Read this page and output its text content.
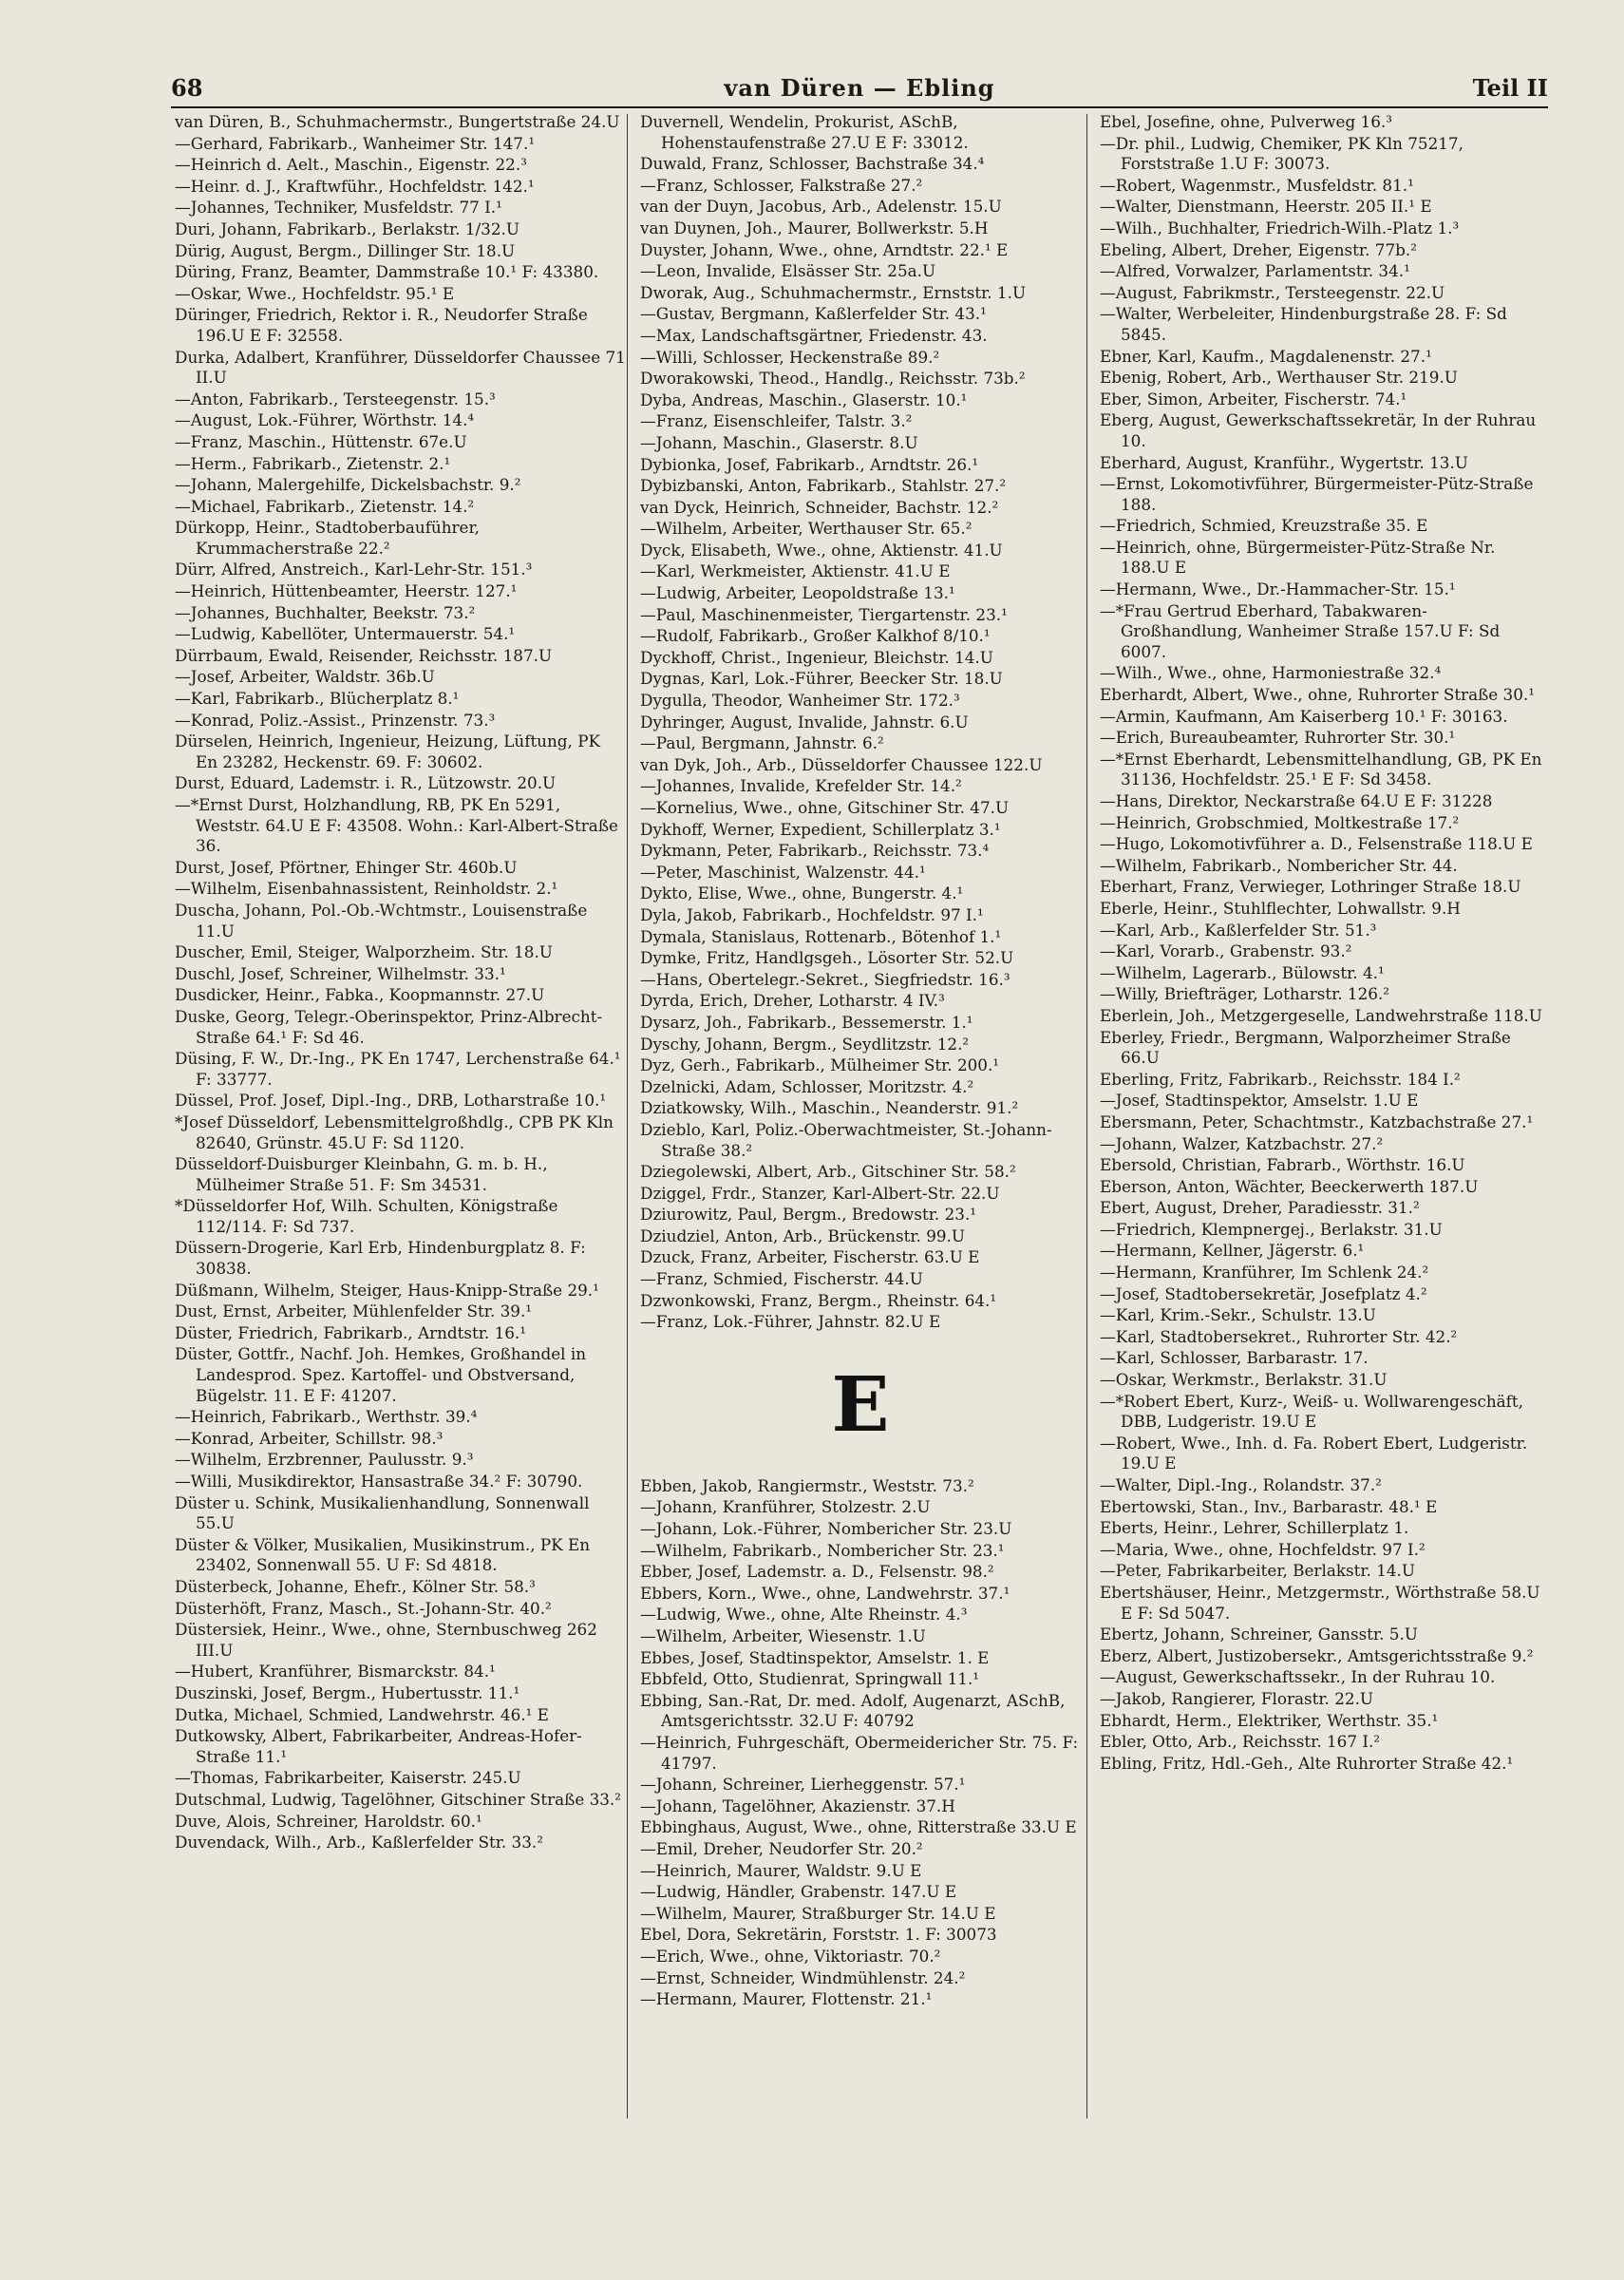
68	van Düren — Ebling	Teil II
van Düren, B., Schuhmachermstr., Bungertstraße 24.U
—Gerhard, Fabrikarb., Wanheimer Str. 147.¹
—Heinrich d. Aelt., Maschin., Eigenstr. 22.³
—Heinr. d. J., Kraftwführ., Hochfeldstr. 142.¹
—Johannes, Techniker, Musfeldstr. 77 I.¹
Duri, Johann, Fabrikarb., Berlakstr. 1/32.U
Dürig, August, Bergm., Dillinger Str. 18.U
Düring, Franz, Beamter, Dammstraße 10.¹ F: 43380.
—Oskar, Wwe., Hochfeldstr. 95.¹ E
Düringer, Friedrich, Rektor i. R., Neudorfer Straße 196.U E F: 32558.
Durka, Adalbert, Kranführer, Düsseldorfer Chaussee 71 II.U
—Anton, Fabrikarb., Tersteegenstr. 15.³
—August, Lok.-Führer, Wörthstr. 14.⁴
—Franz, Maschin., Hüttenstr. 67e.U
—Herm., Fabrikarb., Zietenstr. 2.¹
—Johann, Malergehilfe, Dickelsbachstr. 9.²
—Michael, Fabrikarb., Zietenstr. 14.²
Dürkopp, Heinr., Stadtoberbauführer, Krummacherstraße 22.²
Dürr, Alfred, Anstreich., Karl-Lehr-Str. 151.³
—Heinrich, Hüttenbeamter, Heerstr. 127.¹
—Johannes, Buchhalter, Beekstr. 73.²
—Ludwig, Kabellöter, Untermauerstr. 54.¹
Dürrbaum, Ewald, Reisender, Reichsstr. 187.U
—Josef, Arbeiter, Waldstr. 36b.U
—Karl, Fabrikarb., Blücherplatz 8.¹
—Konrad, Poliz.-Assist., Prinzenstr. 73.³
Dürselen, Heinrich, Ingenieur, Heizung, Lüftung, PK En 23282, Heckenstr. 69. F: 30602.
Durst, Eduard, Lademstr. i. R., Lützowstr. 20.U
—*Ernst Durst, Holzhandlung, RB, PK En 5291, Weststr. 64.U E F: 43508. Wohn.: Karl-Albert-Straße 36.
Durst, Josef, Pförtner, Ehinger Str. 460b.U
—Wilhelm, Eisenbahnassistent, Reinholdstr. 2.¹
Duscha, Johann, Pol.-Ob.-Wchtmstr., Louisenstraße 11.U
Duscher, Emil, Steiger, Walporzheim. Str. 18.U
Duschl, Josef, Schreiner, Wilhelmstr. 33.¹
Dusdicker, Heinr., Fabka., Koopmannstr. 27.U
Duske, Georg, Telegr.-Oberinspektor, Prinz-Albrecht-Straße 64.¹ F: Sd 46.
Düsing, F. W., Dr.-Ing., PK En 1747, Lerchenstraße 64.¹ F: 33777.
Düssel, Prof. Josef, Dipl.-Ing., DRB, Lotharstraße 10.¹
*Josef Düsseldorf, Lebensmittelgroßhdlg., CPB PK Kln 82640, Grünstr. 45.U F: Sd 1120.
Düsseldorf-Duisburger Kleinbahn, G. m. b. H., Mülheimer Straße 51. F: Sm 34531.
*Düsseldorfer Hof, Wilh. Schulten, Königstraße 112/114. F: Sd 737.
Düssern-Drogerie, Karl Erb, Hindenburgplatz 8. F: 30838.
Düßmann, Wilhelm, Steiger, Haus-Knipp-Straße 29.¹
Dust, Ernst, Arbeiter, Mühlenfelder Str. 39.¹
Düster, Friedrich, Fabrikarb., Arndtstr. 16.¹
Düster, Gottfr., Nachf. Joh. Hemkes, Großhandel in Landesprod. Spez. Kartoffel- und Obstversand, Bügelstr. 11. E F: 41207.
—Heinrich, Fabrikarb., Werthstr. 39.⁴
—Konrad, Arbeiter, Schillstr. 98.³
—Wilhelm, Erzbrenner, Paulusstr. 9.³
—Willi, Musikdirektor, Hansastraße 34.² F: 30790.
Düster u. Schink, Musikalienhandlung, Sonnenwall 55.U
Düster & Völker, Musikalien, Musikinstrum., PK En 23402, Sonnenwall 55. U F: Sd 4818.
Düsterbeck, Johanne, Ehefr., Kölner Str. 58.³
Düsterhöft, Franz, Masch., St.-Johann-Str. 40.²
Düstersiek, Heinr., Wwe., ohne, Sternbuschweg 262 III.U
—Hubert, Kranführer, Bismarckstr. 84.¹
Duszinski, Josef, Bergm., Hubertusstr. 11.¹
Dutka, Michael, Schmied, Landwehrstr. 46.¹ E
Dutkowsky, Albert, Fabrikarbeiter, Andreas-Hofer-Straße 11.¹
—Thomas, Fabrikarbeiter, Kaiserstr. 245.U
Dutschmal, Ludwig, Tagelöhner, Gitschiner Straße 33.²
Duve, Alois, Schreiner, Haroldstr. 60.¹
Duvendack, Wilh., Arb., Kaßlerfelder Str. 33.²
Duvernell, Wendelin, Prokurist, ASchB, Hohenstaufenstraße 27.U E F: 33012.
Duwald, Franz, Schlosser, Bachstraße 34.⁴
—Franz, Schlosser, Falkstraße 27.²
van der Duyn, Jacobus, Arb., Adelenstr. 15.U
van Duynen, Joh., Maurer, Bollwerkstr. 5.H
Duyster, Johann, Wwe., ohne, Arndtstr. 22.¹ E
—Leon, Invalide, Elsässer Str. 25a.U
Dworak, Aug., Schuhmachermstr., Ernststr. 1.U
—Gustav, Bergmann, Kaßlerfelder Str. 43.¹
—Max, Landschaftsgärtner, Friedenstr. 43.
—Willi, Schlosser, Heckenstraße 89.²
Dworakowski, Theod., Handlg., Reichsstr. 73b.²
Dyba, Andreas, Maschin., Glaserstr. 10.¹
—Franz, Eisenschleifer, Talstr. 3.²
—Johann, Maschin., Glaserstr. 8.U
Dybionka, Josef, Fabrikarb., Arndtstr. 26.¹
Dybizbanski, Anton, Fabrikarb., Stahlstr. 27.²
van Dyck, Heinrich, Schneider, Bachstr. 12.²
—Wilhelm, Arbeiter, Werthauser Str. 65.²
Dyck, Elisabeth, Wwe., ohne, Aktienstr. 41.U
—Karl, Werkmeister, Aktienstr. 41.U E
—Ludwig, Arbeiter, Leopoldstraße 13.¹
—Paul, Maschinenmeister, Tiergartenstr. 23.¹
—Rudolf, Fabrikarb., Großer Kalkhof 8/10.¹
Dyckhoff, Christ., Ingenieur, Bleichstr. 14.U
Dygnas, Karl, Lok.-Führer, Beecker Str. 18.U
Dygulla, Theodor, Wanheimer Str. 172.³
Dyhringer, August, Invalide, Jahnstr. 6.U
—Paul, Bergmann, Jahnstr. 6.²
van Dyk, Joh., Arb., Düsseldorfer Chaussee 122.U
—Johannes, Invalide, Krefelder Str. 14.²
—Kornelius, Wwe., ohne, Gitschiner Str. 47.U
Dykhoff, Werner, Expedient, Schillerplatz 3.¹
Dykmann, Peter, Fabrikarb., Reichsstr. 73.⁴
—Peter, Maschinist, Walzenstr. 44.¹
Dykto, Elise, Wwe., ohne, Bungerstr. 4.¹
Dyla, Jakob, Fabrikarb., Hochfeldstr. 97 I.¹
Dymala, Stanislaus, Rottenarb., Bötenhof 1.¹
Dymke, Fritz, Handlgsgeh., Lösorter Str. 52.U
—Hans, Obertelegr.-Sekret., Siegfriedstr. 16.³
Dyrda, Erich, Dreher, Lotharstr. 4 IV.³
Dysarz, Joh., Fabrikarb., Bessemerstr. 1.¹
Dyschy, Johann, Bergm., Seydlitzstr. 12.²
Dyz, Gerh., Fabrikarb., Mülheimer Str. 200.¹
Dzelnicki, Adam, Schlosser, Moritzstr. 4.²
Dziatkowsky, Wilh., Maschin., Neanderstr. 91.²
Dzieblo, Karl, Poliz.-Oberwachtmeister, St.-Johann-Straße 38.²
Dziegolewski, Albert, Arb., Gitschiner Str. 58.²
Dziggel, Frdr., Stanzer, Karl-Albert-Str. 22.U
Dziurowitz, Paul, Bergm., Bredowstr. 23.¹
Dziudziel, Anton, Arb., Brückenstr. 99.U
Dzuck, Franz, Arbeiter, Fischerstr. 63.U E
—Franz, Schmied, Fischerstr. 44.U
Dzwonkowski, Franz, Bergm., Rheinstr. 64.¹
—Franz, Lok.-Führer, Jahnstr. 82.U E
E
Ebben, Jakob, Rangiermstr., Weststr. 73.²
—Johann, Kranführer, Stolzestr. 2.U
—Johann, Lok.-Führer, Nombericher Str. 23.U
—Wilhelm, Fabrikarb., Nombericher Str. 23.¹
Ebber, Josef, Lademstr. a. D., Felsenstr. 98.²
Ebbers, Korn., Wwe., ohne, Landwehrstr. 37.¹
—Ludwig, Wwe., ohne, Alte Rheinstr. 4.³
—Wilhelm, Arbeiter, Wiesenstr. 1.U
Ebbes, Josef, Stadtinspektor, Amselstr. 1. E
Ebbfeld, Otto, Studienrat, Springwall 11.¹
Ebbing, San.-Rat, Dr. med. Adolf, Augenarzt, ASchB, Amtsgerichtsstr. 32.U F: 40792
—Heinrich, Fuhrgeschäft, Obermeidericher Str. 75. F: 41797.
—Johann, Schreiner, Lierheggenstr. 57.¹
—Johann, Tagelöhner, Akazienstr. 37.H
Ebbinghaus, August, Wwe., ohne, Ritterstraße 33.U E
—Emil, Dreher, Neudorfer Str. 20.²
—Heinrich, Maurer, Waldstr. 9.U E
—Ludwig, Händler, Grabenstr. 147.U E
—Wilhelm, Maurer, Straßburger Str. 14.U E
Ebel, Dora, Sekretärin, Forststr. 1. F: 30073
—Erich, Wwe., ohne, Viktoriastr. 70.²
—Ernst, Schneider, Windmühlenstr. 24.²
—Hermann, Maurer, Flottenstr. 21.¹
Ebel, Josefine, ohne, Pulverweg 16.³
—Dr. phil., Ludwig, Chemiker, PK Kln 75217, Forststraße 1.U F: 30073.
—Robert, Wagenmstr., Musfeldstr. 81.¹
—Walter, Dienstmann, Heerstr. 205 II.¹ E
—Wilh., Buchhalter, Friedrich-Wilh.-Platz 1.³
Ebeling, Albert, Dreher, Eigenstr. 77b.²
—Alfred, Vorwalzer, Parlamentstr. 34.¹
—August, Fabrikmstr., Tersteegenstr. 22.U
—Walter, Werbeleiter, Hindenburgstraße 28. F: Sd 5845.
Ebner, Karl, Kaufm., Magdalenenstr. 27.¹
Ebenig, Robert, Arb., Werthauser Str. 219.U
Eber, Simon, Arbeiter, Fischerstr. 74.¹
Eberg, August, Gewerkschaftssekretär, In der Ruhrau 10.
Eberhard, August, Kranführ., Wygertstr. 13.U
—Ernst, Lokomotivführer, Bürgermeister-Pütz-Straße 188.
—Friedrich, Schmied, Kreuzstraße 35. E
—Heinrich, ohne, Bürgermeister-Pütz-Straße Nr. 188.U E
—Hermann, Wwe., Dr.-Hammacher-Str. 15.¹
—*Frau Gertrud Eberhard, Tabakwaren-Großhandlung, Wanheimer Straße 157.U F: Sd 6007.
—Wilh., Wwe., ohne, Harmoniestraße 32.⁴
Eberhardt, Albert, Wwe., ohne, Ruhrorter Straße 30.¹
—Armin, Kaufmann, Am Kaiserberg 10.¹ F: 30163.
—Erich, Bureaubeamter, Ruhrorter Str. 30.¹
—*Ernst Eberhardt, Lebensmittelhandlung, GB, PK En 31136, Hochfeldstr. 25.¹ E F: Sd 3458.
—Hans, Direktor, Neckarstraße 64.U E F: 31228
—Heinrich, Grobschmied, Moltkestraße 17.²
—Hugo, Lokomotivführer a. D., Felsenstraße 118.U E
—Wilhelm, Fabrikarb., Nombericher Str. 44.
Eberhart, Franz, Verwieger, Lothringer Straße 18.U
Eberle, Heinr., Stuhlflechter, Lohwallstr. 9.H
—Karl, Arb., Kaßlerfelder Str. 51.³
—Karl, Vorarb., Grabenstr. 93.²
—Wilhelm, Lagerarb., Bülowstr. 4.¹
—Willy, Briefträger, Lotharstr. 126.²
Eberlein, Joh., Metzgergeselle, Landwehrstraße 118.U
Eberley, Friedr., Bergmann, Walporzheimer Straße 66.U
Eberling, Fritz, Fabrikarb., Reichsstr. 184 I.²
—Josef, Stadtinspektor, Amselstr. 1.U E
Ebersmann, Peter, Schachtmstr., Katzbachstraße 27.¹
—Johann, Walzer, Katzbachstr. 27.²
Ebersold, Christian, Fabrarb., Wörthstr. 16.U
Eberson, Anton, Wächter, Beeckerwerth 187.U
Ebert, August, Dreher, Paradiesstr. 31.²
—Friedrich, Klempnergej., Berlakstr. 31.U
—Hermann, Kellner, Jägerstr. 6.¹
—Hermann, Kranführer, Im Schlenk 24.²
—Josef, Stadtobersekretär, Josefplatz 4.²
—Karl, Krim.-Sekr., Schulstr. 13.U
—Karl, Stadtobersekret., Ruhrorter Str. 42.²
—Karl, Schlosser, Barbarastr. 17.
—Oskar, Werkmstr., Berlakstr. 31.U
—*Robert Ebert, Kurz-, Weiß- u. Wollwarengeschäft, DBB, Ludgeristr. 19.U E
—Robert, Wwe., Inh. d. Fa. Robert Ebert, Ludgeristr. 19.U E
—Walter, Dipl.-Ing., Rolandstr. 37.²
Ebertowski, Stan., Inv., Barbarastr. 48.¹ E
Eberts, Heinr., Lehrer, Schillerplatz 1.
—Maria, Wwe., ohne, Hochfeldstr. 97 I.²
—Peter, Fabrikarbeiter, Berlakstr. 14.U
Ebertshäuser, Heinr., Metzgermstr., Wörthstraße 58.U E F: Sd 5047.
Ebertz, Johann, Schreiner, Gansstr. 5.U
Eberz, Albert, Justizobersekr., Amtsgerichtsstraße 9.²
—August, Gewerkschaftssekr., In der Ruhrau 10.
—Jakob, Rangierer, Florastr. 22.U
Ebhardt, Herm., Elektriker, Werthstr. 35.¹
Ebler, Otto, Arb., Reichsstr. 167 I.²
Ebling, Fritz, Hdl.-Geh., Alte Ruhrorter Straße 42.¹
